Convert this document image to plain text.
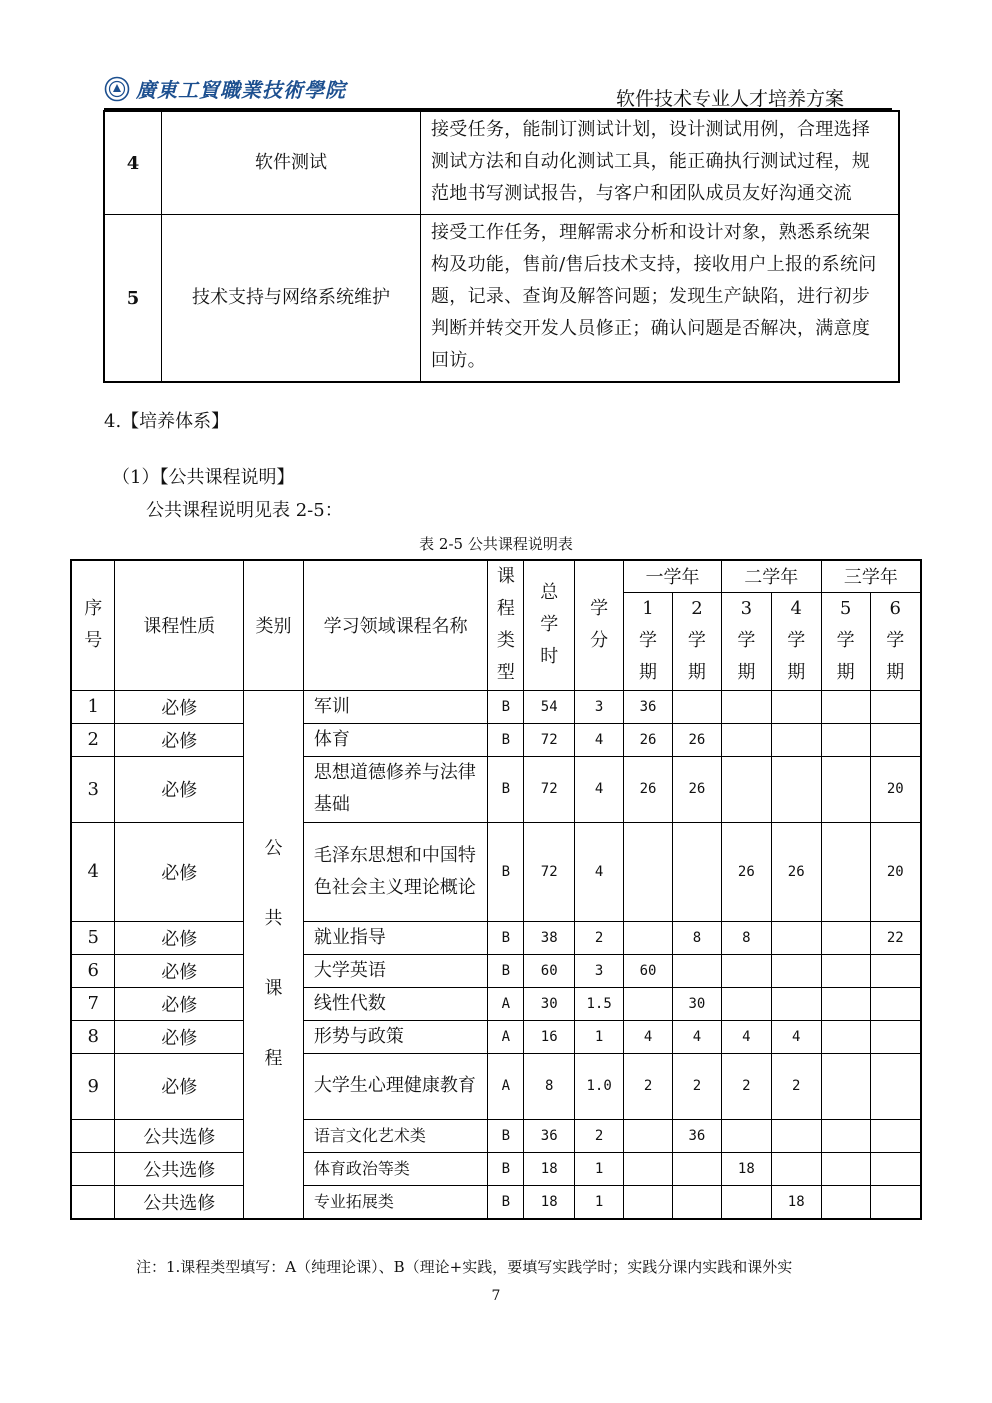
廣東工貿職業技術學院	软件技术专业人才培养方案
4	软件测试	接受任务，能制订测试计划，设计测试用例，合理选择测试方法和自动化测试工具，能正确执行测试过程，规范地书写测试报告，与客户和团队成员友好沟通交流
5	技术支持与网络系统维护	接受工作任务，理解需求分析和设计对象，熟悉系统架构及功能，售前/售后技术支持，接收用户上报的系统问题，记录、查询及解答问题；发现生产缺陷，进行初步判断并转交开发人员修正；确认问题是否解决，满意度回访。
4.【培养体系】
（1）【公共课程说明】
公共课程说明见表 2-5：
表 2-5 公共课程说明表
序号	课程性质	类别	学习领域课程名称	课程类型	总学时	学分	一学年		二学年		三学年	
							1学期	2学期	3学期	4学期	5学期	6学期
1	必修	公共课程	军训	B	54	3	36					
2	必修		体育	B	72	4	26	26				
3	必修		思想道德修养与法律基础	B	72	4	26	26				20
4	必修		毛泽东思想和中国特色社会主义理论概论	B	72	4			26	26		20
5	必修		就业指导	B	38	2		8	8			22
6	必修		大学英语	B	60	3	60					
7	必修		线性代数	A	30	1.5		30				
8	必修		形势与政策	A	16	1	4	4	4	4		
9	必修		大学生心理健康教育	A	8	1.0	2	2	2	2		
	公共选修		语言文化艺术类	B	36	2		36				
	公共选修		体育政治等类	B	18	1			18			
	公共选修		专业拓展类	B	18	1				18		
注：1.课程类型填写：A（纯理论课）、B（理论+实践，要填写实践学时；实践分课内实践和课外实
7
